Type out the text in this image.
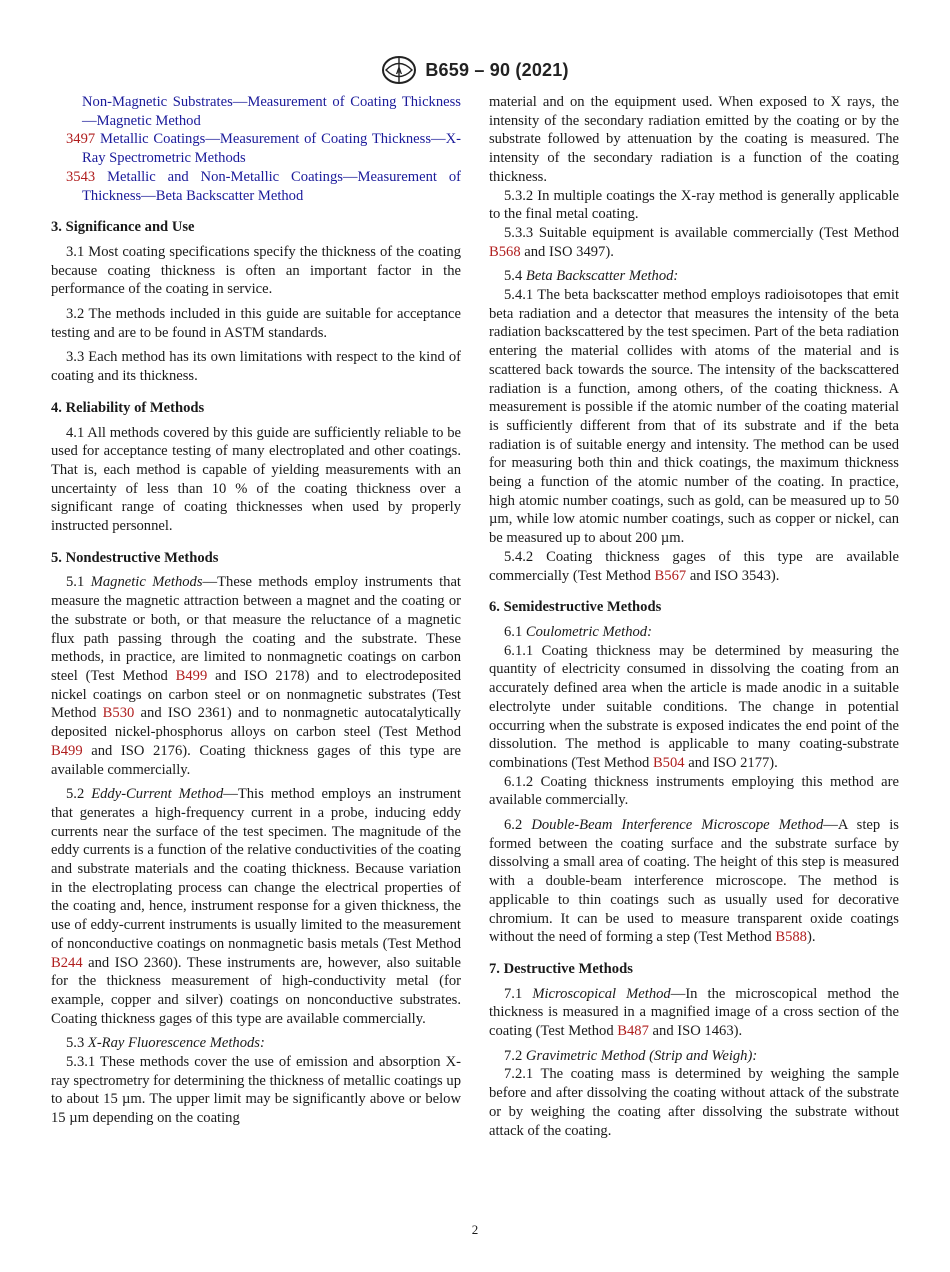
A B659 – 90 (2021)

Non-Magnetic Substrates—Measurement of Coating Thickness—Magnetic Method

3497 Metallic Coatings—Measurement of Coating Thickness—X-Ray Spectrometric Methods

3543 Metallic and Non-Metallic Coatings—Measurement of Thickness—Beta Backscatter Method

3. Significance and Use

3.1 Most coating specifications specify the thickness of the coating because coating thickness is often an important factor in the performance of the coating in service.

3.2 The methods included in this guide are suitable for acceptance testing and are to be found in ASTM standards.

3.3 Each method has its own limitations with respect to the kind of coating and its thickness.

4. Reliability of Methods

4.1 All methods covered by this guide are sufficiently reliable to be used for acceptance testing of many electroplated and other coatings. That is, each method is capable of yielding measurements with an uncertainty of less than 10 % of the coating thickness over a significant range of coating thicknesses when used by properly instructed personnel.

5. Nondestructive Methods

5.1 Magnetic Methods—These methods employ instruments that measure the magnetic attraction between a magnet and the coating or the substrate or both, or that measure the reluctance of a magnetic flux path passing through the coating and the substrate. These methods, in practice, are limited to nonmagnetic coatings on carbon steel (Test Method B499 and ISO 2178) and to electrodeposited nickel coatings on carbon steel or on nonmagnetic substrates (Test Method B530 and ISO 2361) and to nonmagnetic autocatalytically deposited nickel-phosphorus alloys on carbon steel (Test Method B499 and ISO 2176). Coating thickness gages of this type are available commercially.

5.2 Eddy-Current Method—This method employs an instrument that generates a high-frequency current in a probe, inducing eddy currents near the surface of the test specimen. The magnitude of the eddy currents is a function of the relative conductivities of the coating and substrate materials and the coating thickness. Because variation in the electroplating process can change the electrical properties of the coating and, hence, instrument response for a given thickness, the use of eddy-current instruments is usually limited to the measurement of nonconductive coatings on nonmagnetic basis metals (Test Method B244 and ISO 2360). These instruments are, however, also suitable for the thickness measurement of high-conductivity metal (for example, copper and silver) coatings on nonconductive substrates. Coating thickness gages of this type are available commercially.

5.3 X-Ray Fluorescence Methods:

5.3.1 These methods cover the use of emission and absorption X-ray spectrometry for determining the thickness of metallic coatings up to about 15 µm. The upper limit may be significantly above or below 15 µm depending on the coating

material and on the equipment used. When exposed to X rays, the intensity of the secondary radiation emitted by the coating or by the substrate followed by attenuation by the coating is measured. The intensity of the secondary radiation is a function of the coating thickness.

5.3.2 In multiple coatings the X-ray method is generally applicable to the final metal coating.

5.3.3 Suitable equipment is available commercially (Test Method B568 and ISO 3497).

5.4 Beta Backscatter Method:

5.4.1 The beta backscatter method employs radioisotopes that emit beta radiation and a detector that measures the intensity of the beta radiation backscattered by the test specimen. Part of the beta radiation entering the material collides with atoms of the material and is scattered back towards the source. The intensity of the backscattered radiation is a function, among others, of the coating thickness. A measurement is possible if the atomic number of the coating material is sufficiently different from that of its substrate and if the beta radiation is of suitable energy and intensity. The method can be used for measuring both thin and thick coatings, the maximum thickness being a function of the atomic number of the coating. In practice, high atomic number coatings, such as gold, can be measured up to 50 µm, while low atomic number coatings, such as copper or nickel, can be measured up to about 200 µm.

5.4.2 Coating thickness gages of this type are available commercially (Test Method B567 and ISO 3543).

6. Semidestructive Methods

6.1 Coulometric Method:

6.1.1 Coating thickness may be determined by measuring the quantity of electricity consumed in dissolving the coating from an accurately defined area when the article is made anodic in a suitable electrolyte under suitable conditions. The change in potential occurring when the substrate is exposed indicates the end point of the dissolution. The method is applicable to many coating-substrate combinations (Test Method B504 and ISO 2177).

6.1.2 Coating thickness instruments employing this method are available commercially.

6.2 Double-Beam Interference Microscope Method—A step is formed between the coating surface and the substrate surface by dissolving a small area of coating. The height of this step is measured with a double-beam interference microscope. The method is applicable to thin coatings such as usually used for decorative chromium. It can be used to measure transparent oxide coatings without the need of forming a step (Test Method B588).

7. Destructive Methods

7.1 Microscopical Method—In the microscopical method the thickness is measured in a magnified image of a cross section of the coating (Test Method B487 and ISO 1463).

7.2 Gravimetric Method (Strip and Weigh):

7.2.1 The coating mass is determined by weighing the sample before and after dissolving the coating without attack of the substrate or by weighing the coating after dissolving the substrate without attack of the coating.

2
